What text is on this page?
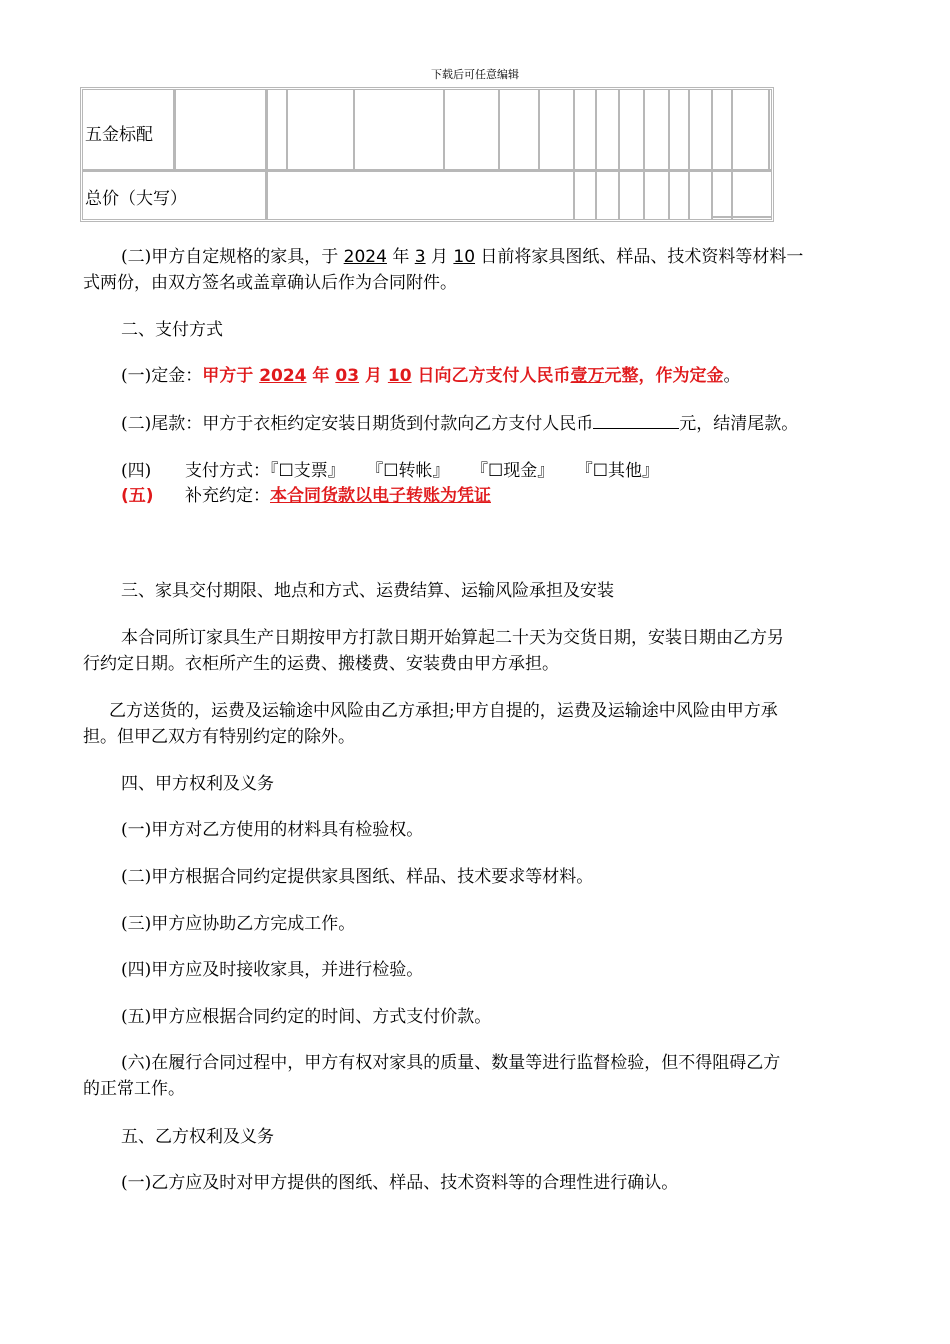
下载后可任意编辑
五金标配
总价（大写）
(二)甲方自定规格的家具，于 2024 年 3 月 10 日前将家具图纸、样品、技术资料等材料一
式两份，由双方签名或盖章确认后作为合同附件。
二、支付方式
(一)定金：甲方于 2024 年 03 月 10 日向乙方支付人民币壹万元整，作为定金。
(二)尾款：甲方于衣柜约定安装日期货到付款向乙方支付人民币	元，结清尾款。
(四) 支付方式：『☐支票』 『☐转帐』 『☐现金』 『☐其他』
(五) 补充约定：本合同货款以电子转账为凭证
三、家具交付期限、地点和方式、运费结算、运输风险承担及安装
本合同所订家具生产日期按甲方打款日期开始算起二十天为交货日期，安装日期由乙方另
行约定日期。衣柜所产生的运费、搬楼费、安装费由甲方承担。
乙方送货的，运费及运输途中风险由乙方承担;甲方自提的，运费及运输途中风险由甲方承
担。但甲乙双方有特别约定的除外。
四、甲方权利及义务
(一)甲方对乙方使用的材料具有检验权。
(二)甲方根据合同约定提供家具图纸、样品、技术要求等材料。
(三)甲方应协助乙方完成工作。
(四)甲方应及时接收家具，并进行检验。
(五)甲方应根据合同约定的时间、方式支付价款。
(六)在履行合同过程中，甲方有权对家具的质量、数量等进行监督检验，但不得阻碍乙方
的正常工作。
五、乙方权利及义务
(一)乙方应及时对甲方提供的图纸、样品、技术资料等的合理性进行确认。
